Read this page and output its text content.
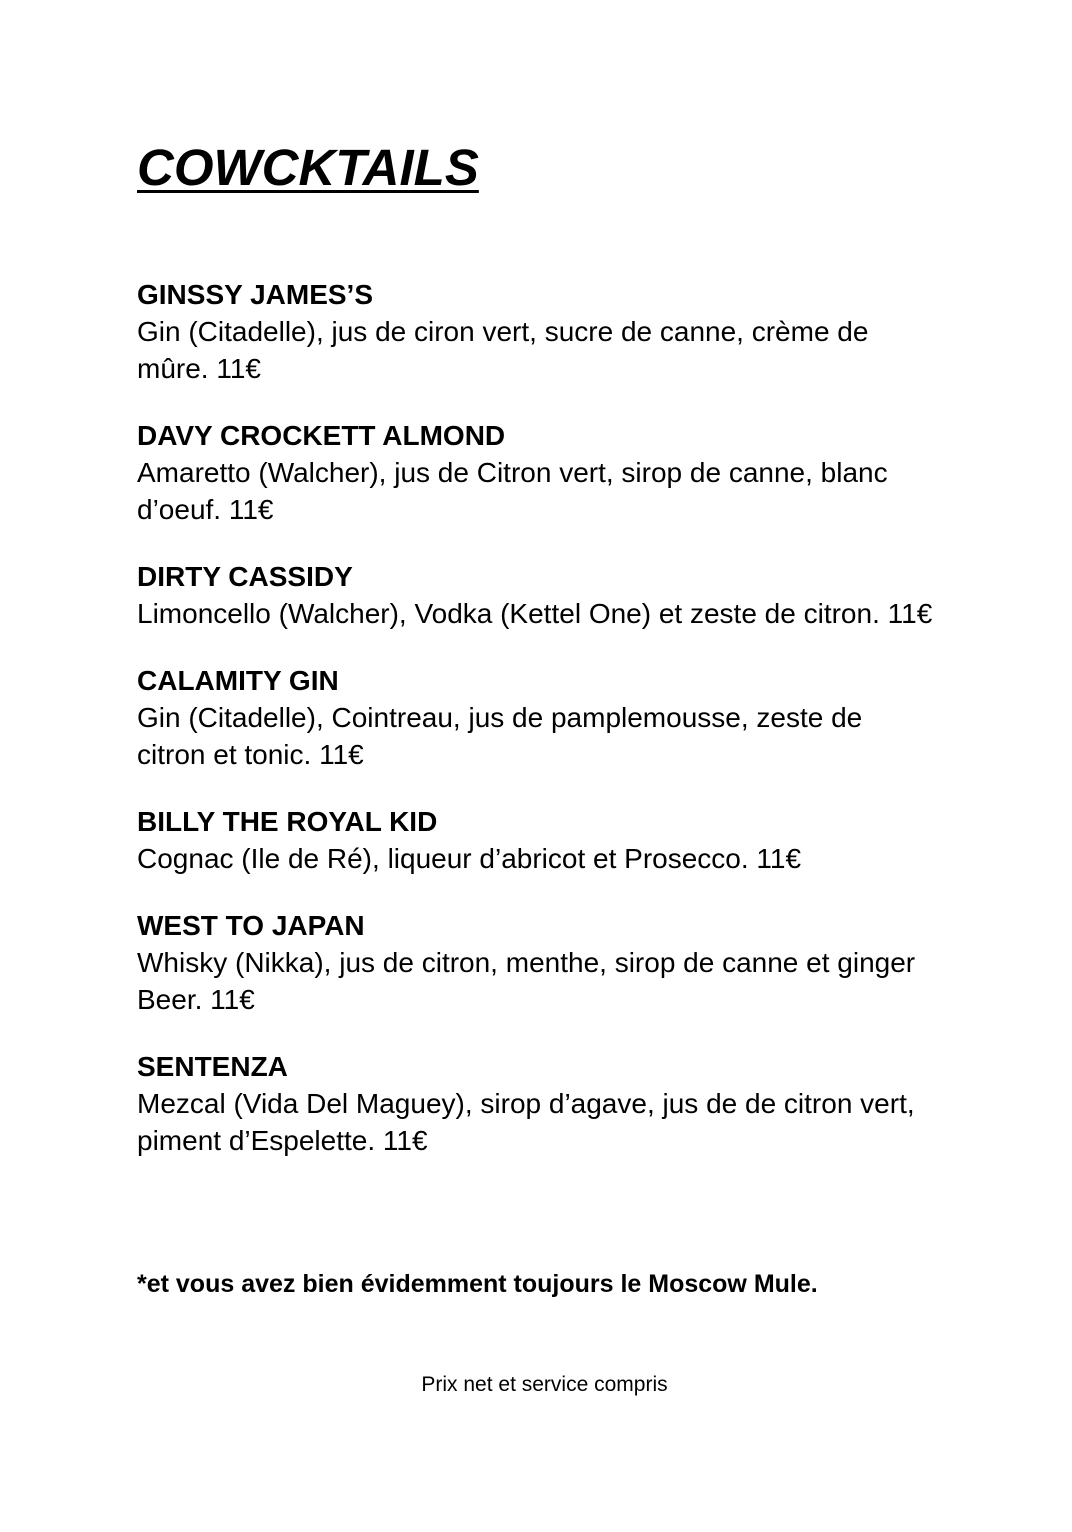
COWCKTAILS

GINSSY JAMES’S

Gin (Citadelle), jus de ciron vert, sucre de canne, crème de mûre. 11€

DAVY CROCKETT ALMOND

Amaretto (Walcher), jus de Citron vert, sirop de canne, blanc d’oeuf. 11€

DIRTY CASSIDY

Limoncello (Walcher), Vodka (Kettel One) et zeste de citron. 11€

CALAMITY GIN

Gin (Citadelle), Cointreau, jus de pamplemousse, zeste de citron et tonic. 11€

BILLY THE ROYAL KID

Cognac (Ile de Ré), liqueur d’abricot et Prosecco. 11€

WEST TO JAPAN

Whisky (Nikka), jus de citron, menthe, sirop de canne et ginger Beer. 11€

SENTENZA

Mezcal (Vida Del Maguey), sirop d’agave, jus de de citron vert, piment d’Espelette. 11€

*et vous avez bien évidemment toujours le Moscow Mule.

Prix net et service compris
